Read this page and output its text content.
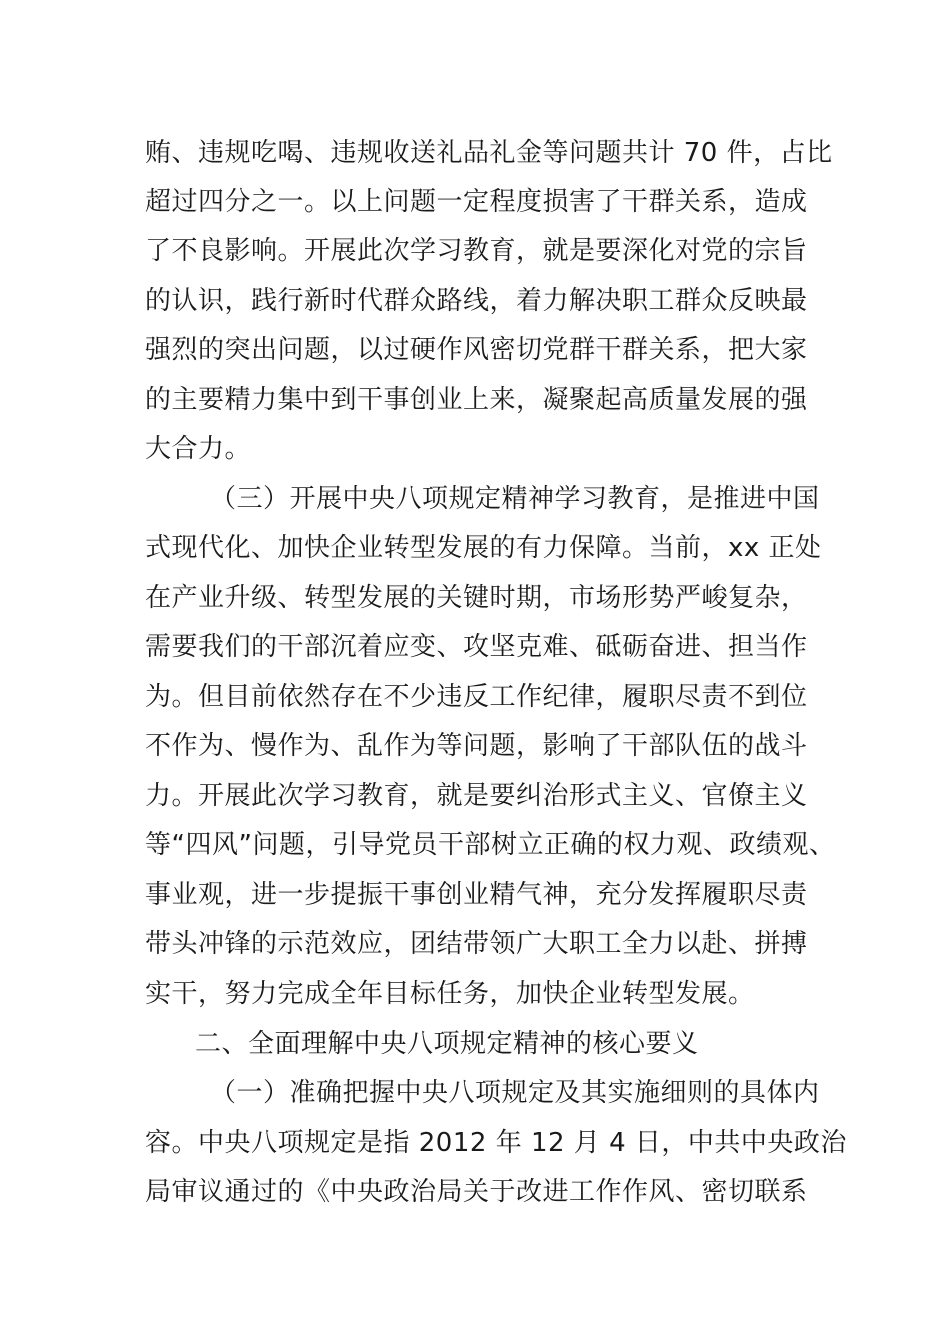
贿、违规吃喝、违规收送礼品礼金等问题共计 70 件，占比
超过四分之一。以上问题一定程度损害了干群关系，造成
了不良影响。开展此次学习教育，就是要深化对党的宗旨
的认识，践行新时代群众路线，着力解决职工群众反映最
强烈的突出问题，以过硬作风密切党群干群关系，把大家
的主要精力集中到干事创业上来，凝聚起高质量发展的强
大合力。
（三）开展中央八项规定精神学习教育，是推进中国
式现代化、加快企业转型发展的有力保障。当前，xx 正处
在产业升级、转型发展的关键时期，市场形势严峻复杂，
需要我们的干部沉着应变、攻坚克难、砥砺奋进、担当作
为。但目前依然存在不少违反工作纪律，履职尽责不到位
不作为、慢作为、乱作为等问题，影响了干部队伍的战斗
力。开展此次学习教育，就是要纠治形式主义、官僚主义
等“四风”问题，引导党员干部树立正确的权力观、政绩观、
事业观，进一步提振干事创业精气神，充分发挥履职尽责
带头冲锋的示范效应，团结带领广大职工全力以赴、拼搏
实干，努力完成全年目标任务，加快企业转型发展。
二、全面理解中央八项规定精神的核心要义
（一）准确把握中央八项规定及其实施细则的具体内
容。中央八项规定是指 2012 年 12 月 4 日，中共中央政治
局审议通过的《中央政治局关于改进工作作风、密切联系
